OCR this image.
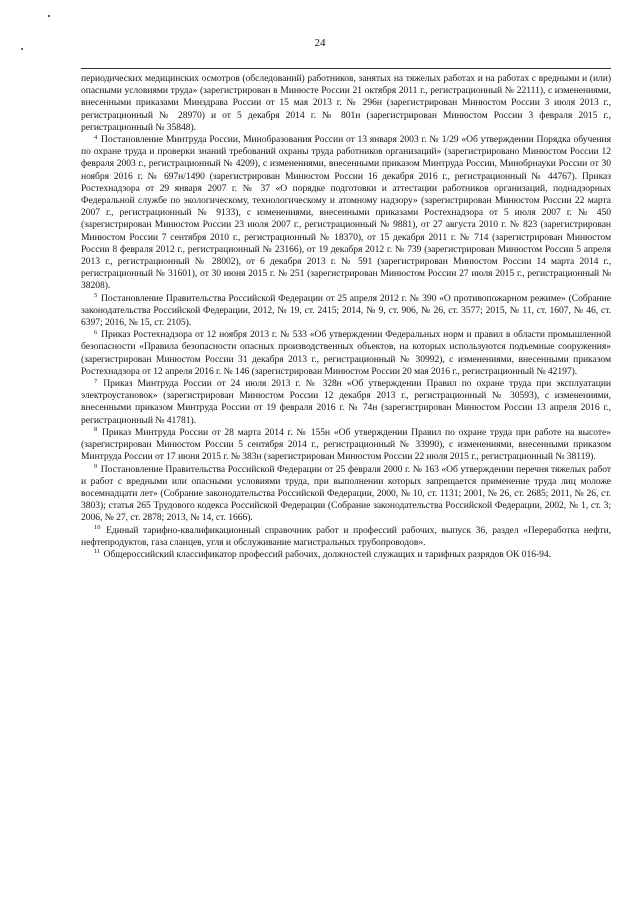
24

периодических медицинских осмотров (обследований) работников, занятых на тяжелых работах и на работах с вредными и (или) опасными условиями труда» (зарегистрирован в Минюсте России 21 октября 2011 г., регистрационный № 22111), с изменениями, внесенными приказами Минздрава России от 15 мая 2013 г. № 296н (зарегистрирован Минюстом России 3 июля 2013 г., регистрационный № 28970) и от 5 декабря 2014 г. № 801н (зарегистрирован Минюстом России 3 февраля 2015 г., регистрационный № 35848).

$^4$ Постановление Минтруда России, Минобразования России от 13 января 2003 г. № 1/29 «Об утверждении Порядка обучения по охране труда и проверки знаний требований охраны труда работников организаций» (зарегистрировано Минюстом России 12 февраля 2003 г., регистрационный № 4209), с изменениями, внесенными приказом Минтруда России, Минобрнауки России от 30 ноября 2016 г. № 697н/1490 (зарегистрирован Минюстом России 16 декабря 2016 г., регистрационный № 44767). Приказ Ростехнадзора от 29 января 2007 г. № 37 «О порядке подготовки и аттестации работников организаций, поднадзорных Федеральной службе по экологическому, технологическому и атомному надзору» (зарегистрирован Минюстом России 22 марта 2007 г., регистрационный № 9133), с изменениями, внесенными приказами Ростехнадзора от 5 июля 2007 г. № 450 (зарегистрирован Минюстом России 23 июля 2007 г., регистрационный № 9881), от 27 августа 2010 г. № 823 (зарегистрирован Минюстом России 7 сентября 2010 г., регистрационный № 18370), от 15 декабря 2011 г. № 714 (зарегистрирован Минюстом России 8 февраля 2012 г., регистрационный № 23166), от 19 декабря 2012 г. № 739 (зарегистрирован Минюстом России 5 апреля 2013 г., регистрационный № 28002), от 6 декабря 2013 г. № 591 (зарегистрирован Минюстом России 14 марта 2014 г., регистрационный № 31601), от 30 июня 2015 г. № 251 (зарегистрирован Минюстом России 27 июля 2015 г., регистрационный № 38208).

$^5$ Постановление Правительства Российской Федерации от 25 апреля 2012 г. № 390 «О противопожарном режиме» (Собрание законодательства Российской Федерации, 2012, № 19, ст. 2415; 2014, № 9, ст. 906, № 26, ст. 3577; 2015, № 11, ст. 1607, № 46, ст. 6397; 2016, № 15, ст. 2105).

$^6$ Приказ Ростехнадзора от 12 ноября 2013 г. № 533 «Об утверждении Федеральных норм и правил в области промышленной безопасности «Правила безопасности опасных производственных объектов, на которых используются подъемные сооружения» (зарегистрирован Минюстом России 31 декабря 2013 г., регистрационный № 30992), с изменениями, внесенными приказом Ростехнадзора от 12 апреля 2016 г. № 146 (зарегистрирован Минюстом России 20 мая 2016 г., регистрационный № 42197).

$^7$ Приказ Минтруда России от 24 июля 2013 г. № 328н «Об утверждении Правил по охране труда при эксплуатации электроустановок» (зарегистрирован Минюстом России 12 декабря 2013 г., регистрационный № 30593), с изменениями, внесенными приказом Минтруда России от 19 февраля 2016 г. № 74н (зарегистрирован Минюстом России 13 апреля 2016 г., регистрационный № 41781).

$^8$ Приказ Минтруда России от 28 марта 2014 г. № 155н «Об утверждении Правил по охране труда при работе на высоте» (зарегистрирован Минюстом России 5 сентября 2014 г., регистрационный № 33990), с изменениями, внесенными приказом Минтруда России от 17 июня 2015 г. № 383н (зарегистрирован Минюстом России 22 июля 2015 г., регистрационный № 38119).

$^9$ Постановление Правительства Российской Федерации от 25 февраля 2000 г. № 163 «Об утверждении перечня тяжелых работ и работ с вредными или опасными условиями труда, при выполнении которых запрещается применение труда лиц моложе восемнадцати лет» (Собрание законодательства Российской Федерации, 2000, № 10, ст. 1131; 2001, № 26, ст. 2685; 2011, № 26, ст. 3803); статья 265 Трудового кодекса Российской Федерации (Собрание законодательства Российской Федерации, 2002, № 1, ст. 3; 2006, № 27, ст. 2878; 2013, № 14, ст. 1666).

$^{10}$ Единый тарифно-квалификационный справочник работ и профессий рабочих, выпуск 36, раздел «Переработка нефти, нефтепродуктов, газа сланцев, угля и обслуживание магистральных трубопроводов».

$^{11}$ Общероссийский классификатор профессий рабочих, должностей служащих и тарифных разрядов ОК 016-94.
